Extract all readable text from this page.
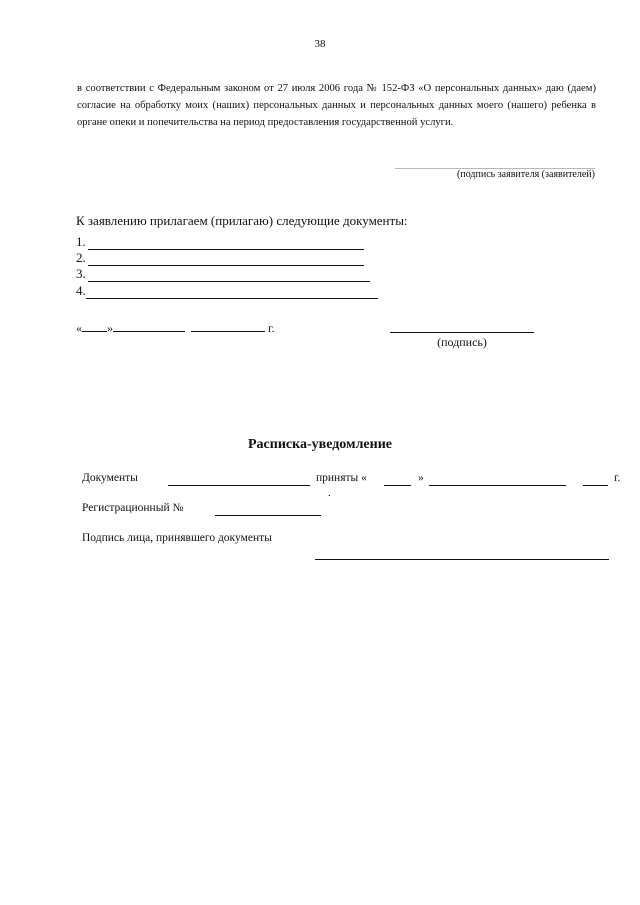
38
в соответствии с Федеральным законом от 27 июля 2006 года № 152-ФЗ «О персональных данных» даю (даем) согласие на обработку моих (наших) персональных данных и персональных данных моего (нашего) ребенка в органе опеки и попечительства на период предоставления государственной услуги.
(подпись заявителя (заявителей)
К заявлению прилагаем (прилагаю) следующие документы:
1.
2.
3.
4.
« »	г.
(подпись)
Расписка-уведомление
Документы	приняты «	»	г.
.
Регистрационный №
Подпись лица, принявшего документы
